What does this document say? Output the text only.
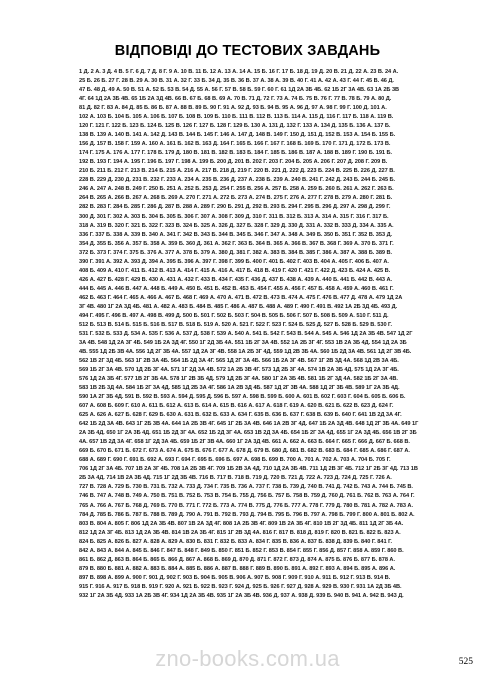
ВІДПОВІДІ ДО ТЕСТОВИХ ЗАВДАНЬ
1 Д. 2 А. 3 Д. 4 В. 5 Г. 6 Д. 7 Д. 8 Г. 9 А. 10 В. 11 Б. 12 А. 13 А. 14 А. 15 Б. 16 Г. 17 Б. 18 Д. 19 Д. 20 В. 21 Д. 22 А. 23 В. 24 А.
25 Б. 26 Б. 27 Г. 28 В. 29 А. 30 В. 31 А. 32 Г. 33 Б. 34 Д. 35 В. 36 В. 37 А. 38 А. 39 В. 40 Г. 41 А. 42 А. 43 Г. 44 Г. 45 В. 46 Д.
47 Б. 48 Д. 49 А. 50 В. 51 А. 52 Б. 53 В. 54 Д. 55 А. 56 Г. 57 В. 58 Б. 59 Г. 60 Г. 61 1Д 2А 3Б 4Б. 62 1Б 2Г 3А 4В. 63 1А 2Б 3В
4Г. 64 1Д 2А 3Б 4В. 65 1Б 2А 3Д 4В. 66 В. 67 Б. 68 В. 69 А. 70 В. 71 Д. 72 Г. 73 А. 74 Б. 75 В. 76 Г. 77 В. 78 Б. 79 А. 80 Д.
81 Д. 82 Г. 83 А. 84 Д. 85 Б. 86 Б. 87 А. 88 В. 89 Б. 90 Г. 91 А. 92 Д. 93 Б. 94 В. 95 А. 96 Д. 97 А. 98 Г. 99 Г. 100 Д. 101 А.
102 А. 103 Б. 104 Б. 105 А. 106 Б. 107 Б. 108 В. 109 Б. 110 Б. 111 В. 112 В. 113 Б. 114 А. 115 Д. 116 Г. 117 Б. 118 А. 119 В.
120 Г. 121 Г. 122 Б. 123 Б. 124 Б. 125 В. 126 Г. 127 Б. 128 Г. 129 Б. 130 А. 131 Д. 132 Г. 133 А. 134 Д. 135 Б. 136 А. 137 Б.
138 В. 139 А. 140 В. 141 А. 142 Д. 143 В. 144 Б. 145 Г. 146 А. 147 Д. 148 В. 149 Г. 150 Д. 151 Д. 152 В. 153 А. 154 Б. 155 Б.
156 Д. 157 В. 158 Г. 159 А. 160 А. 161 Б. 162 В. 163 Д. 164 Г. 165 Б. 166 Г. 167 Г. 168 Б. 169 Б. 170 Г. 171 Д. 172 Б. 173 В.
174 Г. 175 А. 176 А. 177 Г. 178 Б. 179 Д. 180 В. 181 В. 182 В. 183 Б. 184 Г. 185 Б. 186 В. 187 А. 188 В. 189 Г. 190 Б. 191 Б.
192 В. 193 Г. 194 А. 195 Г. 196 Б. 197 Г. 198 А. 199 Б. 200 Д. 201 В. 202 Г. 203 Г. 204 Б. 205 А. 206 Г. 207 Д. 208 Г. 209 В.
210 Б. 211 Б. 212 Г. 213 В. 214 Б. 215 А. 216 А. 217 В. 218 Д. 219 Г. 220 В. 221 Д. 222 Д. 223 Б. 224 В. 225 В. 226 Д. 227 В.
228 В. 229 Д. 230 Д. 231 В. 232 Г. 233 А. 234 А. 235 В. 236 Д. 237 А. 238 Б. 239 А. 240 В. 241 Г. 242 Д. 243 Б. 244 Б. 245 Б.
246 А. 247 А. 248 В. 249 Г. 250 Б. 251 А. 252 Б. 253 Д. 254 Г. 255 В. 256 А. 257 Б. 258 А. 259 Б. 260 Б. 261 А. 262 Г. 263 Б.
264 В. 265 А. 266 В. 267 А. 268 Б. 269 А. 270 Г. 271 А. 272 Б. 273 А. 274 В. 275 Г. 276 А. 277 Г. 278 В. 279 А. 280 Г. 281 Б.
282 В. 283 Г. 284 Б. 285 Г. 286 Д. 287 В. 288 А. 289 Г. 290 Б. 291 Д. 292 В. 293 Б. 294 Г. 295 В. 296 Д. 297 А. 298 Д. 299 Г.
300 Д. 301 Г. 302 А. 303 Б. 304 Б. 305 Б. 306 Г. 307 А. 308 Г. 309 Д. 310 Г. 311 В. 312 Б. 313 А. 314 А. 315 Г. 316 Г. 317 Б.
318 А. 319 В. 320 Г. 321 Б. 322 Г. 323 В. 324 Б. 325 А. 326 Д. 327 Б. 328 Г. 329 Д. 330 Д. 331 А. 332 В. 333 Д. 334 А. 335 А.
336 Г. 337 Б. 338 А. 339 В. 340 А. 341 Г. 342 В. 343 Б. 344 В. 345 Б. 346 Г. 347 А. 348 А. 349 Б. 350 Б. 351 Г. 352 В. 353 Д.
354 Д. 355 Б. 356 А. 357 Б. 358 А. 359 Б. 360 Д. 361 А. 362 Г. 363 Б. 364 В. 365 А. 366 В. 367 В. 368 Г. 369 А. 370 Б. 371 Г.
372 Б. 373 Г. 374 Г. 375 Б. 376 А. 377 А. 378 Б. 379 А. 380 Д. 381 Г. 382 А. 383 В. 384 В. 385 Г. 386 А. 387 А. 388 Б. 389 В.
390 Г. 391 А. 392 А. 393 Д. 394 А. 395 Б. 396 А. 397 Г. 398 Г. 399 Б. 400 Г. 401 Б. 402 Г. 403 В. 404 А. 405 Г. 406 Б. 407 А.
408 Б. 409 А. 410 Г. 411 Б. 412 В. 413 А. 414 Г. 415 А. 416 А. 417 Б. 418 В. 419 Г. 420 Г. 421 Г. 422 Д. 423 Б. 424 А. 425 В.
426 А. 427 Б. 428 Г. 429 В. 430 А. 431 А. 432 Г. 433 В. 434 Г. 435 Г. 436 Д. 437 Б. 438 А. 439 А. 440 Б. 441 Б. 442 В. 443 А.
444 Б. 445 А. 446 В. 447 А. 448 Б. 449 А. 450 Б. 451 Б. 452 В. 453 Б. 454 Г. 455 А. 456 Г. 457 Б. 458 А. 459 А. 460 В. 461 Г.
462 Б. 463 Г. 464 Г. 465 А. 466 А. 467 Б. 468 Г. 469 А. 470 А. 471 В. 472 В. 473 В. 474 А. 475 Г. 476 В. 477 Д. 478 А. 479 1Д 2А
3Г 4В. 480 1Г 2А 3Д 4Б. 481 А. 482 А. 483 Б. 484 В. 485 Г. 486 А. 487 Б. 488 А. 489 Г. 490 Г. 491 В. 492 1А 2Б 3Д 4Б. 493 Д.
494 Г. 495 Г. 496 В. 497 А. 498 В. 499 Д. 500 Б. 501 Г. 502 Б. 503 Г. 504 В. 505 Б. 506 Г. 507 Б. 508 Б. 509 А. 510 Г. 511 Д.
512 Б. 513 В. 514 Б. 515 Б. 516 В. 517 В. 518 Б. 519 А. 520 А. 521 Г. 522 Г. 523 Г. 524 Б. 525 Д. 527 Б. 528 Б. 529 В. 530 Г.
531 Г. 532 Б. 533 Д. 534 А. 535 Г. 536 А. 537 Д. 538 Г. 539 А. 540 А. 541 Б. 542 Г. 543 В. 544 А. 545 А. 546 1Д 2А 3Б 4В. 547 1Д 2Г
3А 4В. 548 1Д 2А 3Г 4Б. 549 1Б 2А 3Д 4Г. 550 1Г 2Д 3Б 4А. 551 1Б 2Г 3А 4В. 552 1А 2Б 3Г 4Г. 553 1В 2А 3Б 4Д. 554 1Д 2А 3Б
4В. 555 1Д 2Б 3В 4А. 556 1Д 2Г 3Б 4А. 557 1Д 2А 3Г 4В. 558 1А 2Б 3Г 4Д. 559 1Д 2В 3Б 4А. 560 1Б 2Д 3А 4В. 561 1Д 2Г 3В 4Б.
562 1В 2Г 3Д 4Б. 563 1Г 2В 3А 4Б. 564 1Б 2Д 3А 4Г. 565 1Д 2Г 3А 4Б. 566 1Б 2А 3Г 4В. 567 1Г 2В 3Д 4А. 568 1Д 2В 3А 4Б.
569 1Б 2Г 3А 4В. 570 1Д 2Б 3Г 4А. 571 1Г 2Д 3А 4В. 572 1А 2Б 3В 4Г. 573 1Д 2Б 3Г 4А. 574 1В 2А 3Б 4Д. 575 1Д 2А 3Г 4Б.
576 1Д 2А 3Б 4Г. 577 1В 2Г 3Б 4А. 578 1Г 2В 3Б 4Д. 579 1Д 2Б 3Г 4А. 580 1Г 2А 3Б 4В. 581 1Б 2Г 3Д 4А. 582 1Б 2Г 3А 4В.
583 1В 2Б 3Д 4А. 584 1Б 2Г 3А 4Д. 585 1Д 2Б 3А 4Г. 586 1А 2В 3Д 4Б. 587 1Д 2Г 3В 4А. 588 1Д 2Г 3Б 4В. 589 1Г 2А 3Б 4Д.
590 1А 2Г 3Б 4Д. 591 В. 592 В. 593 А. 594 Д. 595 Д. 596 Б. 597 А. 598 В. 599 Б. 600 А. 601 В. 602 Г. 603 Г. 604 Б. 605 Б. 606 Б.
607 А. 608 Б. 609 Г. 610 А. 611 Б. 612 А. 613 Б. 614 А. 615 В. 616 А. 617 А. 618 Г. 619 А. 620 В. 621 Б. 622 В. 623 Д. 624 Г.
625 А. 626 А. 627 Б. 628 Г. 629 Б. 630 А. 631 В. 632 Б. 633 А. 634 Г. 635 В. 636 Б. 637 Г. 638 В. 639 Б. 640 Г. 641 1В 2Д 3А 4Г.
642 1Б 2Д 3А 4В. 643 1Г 2Б 3В 4А. 644 1А 2Б 3В 4Г. 645 1Г 2Б 3А 4В. 646 1А 2В 3Г 4Д. 647 1Б 2А 3Д 4В. 648 1Д 2Г 3Б 4А. 649 1Г
2А 3Б 4Д. 650 1Г 2А 3Б 4Д. 651 1Б 2Д 3Г 4А. 652 1Б 2Д 3Г 4А. 653 1В 2Д 3А 4Б. 654 1Б 2Г 3А 4Д. 655 1Г 2А 3Д 4Б. 656 1В 2Г 3Б
4А. 657 1В 2Д 3А 4Г. 658 1Г 2Д 3А 4Б. 659 1Б 2Г 3В 4А. 660 1Г 2А 3Д 4В. 661 А. 662 А. 663 Б. 664 Г. 665 Г. 666 Д. 667 Б. 668 В.
669 Б. 670 Б. 671 Б. 672 Г. 673 А. 674 А. 675 В. 676 Г. 677 А. 678 Д. 679 В. 680 Д. 681 В. 682 В. 683 Б. 684 Г. 685 А. 686 Г. 687 А.
688 А. 689 Г. 690 Г. 691 Б. 692 А. 693 Г. 694 Г. 695 Б. 696 Б. 697 А. 698 Б. 699 В. 700 А. 701 А. 702 А. 703 А. 704 Б. 705 Г.
706 1Д 2Г 3А 4Б. 707 1В 2А 3Г 4Б. 708 1А 2Б 3В 4Г. 709 1Б 2В 3А 4Д. 710 1Д 2А 3Б 4В. 711 1Д 2В 3Г 4Б. 712 1Г 2Б 3Г 4Д. 713 1В
2Б 3А 4Д. 714 1В 2А 3Б 4Д. 715 1Г 2Д 3Б 4В. 716 В. 717 В. 718 В. 719 Д. 720 В. 721 Д. 722 А. 723 Д. 724 Д. 725 Г. 726 А.
727 В. 728 А. 729 Б. 730 В. 731 Б. 732 А. 733 Д. 734 Г. 735 В. 736 А. 737 Г. 738 Б. 739 Д. 740 В. 741 Д. 742 Б. 743 А. 744 Б. 745 В.
746 В. 747 А. 748 В. 749 А. 750 В. 751 В. 752 Б. 753 В. 754 Б. 755 Д. 756 Б. 757 Б. 758 В. 759 Д. 760 Д. 761 Б. 762 В. 763 А. 764 Г.
765 А. 766 А. 767 Б. 768 Д. 769 Б. 770 В. 771 Г. 772 Б. 773 А. 774 В. 775 Д. 776 Б. 777 А. 778 Г. 779 Д. 780 В. 781 А. 782 А. 783 А.
784 Д. 785 Б. 786 Б. 787 Б. 788 В. 789 Д. 790 А. 791 В. 792 В. 793 Д. 794 В. 795 Б. 796 В. 797 А. 798 Б. 799 Г. 800 А. 801 Б. 802 А.
803 В. 804 А. 805 Г. 806 1Д 2А 3Б 4В. 807 1В 2А 3Д 4Г. 808 1А 2Б 3В 4Г. 809 1В 2А 3Б 4Г. 810 1В 2Г 3Д 4Б. 811 1Д 2Г 3Б 4А.
812 1Д 2А 3Г 4Б. 813 1Д 2А 3Б 4В. 814 1В 2А 3Б 4Г. 815 1Г 2В 3Д 4А. 816 Г. 817 В. 818 Д. 819 Г. 820 В. 821 Б. 822 Б. 823 А.
824 Б. 825 А. 826 Б. 827 А. 828 А. 829 А. 830 Б. 831 Г. 832 Б. 833 А. 834 Г. 835 В. 836 А. 837 Б. 838 Д. 839 Б. 840 Г. 841 Г.
842 А. 843 А. 844 А. 845 Б. 846 Г. 847 Б. 848 Г. 849 Б. 850 Г. 851 Б. 852 Г. 853 В. 854 Г. 855 Г. 856 Д. 857 Г. 858 А. 859 Г. 860 В.
861 Б. 862 Д. 863 В. 864 Б. 865 Б. 866 Д. 867 А. 868 Б. 869 Д. 870 Д. 871 Г. 872 Г. 873 Д. 874 А. 875 Б. 876 Б. 877 Б. 878 А.
879 В. 880 Б. 881 А. 882 А. 883 Б. 884 А. 885 Б. 886 А. 887 В. 888 Г. 889 В. 890 Б. 891 А. 892 Г. 893 А. 894 Б. 895 А. 896 А.
897 В. 898 А. 899 А. 900 Г. 901 Д. 902 Г. 903 Б. 904 Б. 905 В. 906 А. 907 Б. 908 Г. 909 Г. 910 А. 911 Б. 912 Г. 913 В. 914 В.
915 Г. 916 А. 917 Б. 918 В. 919 Г. 920 А. 921 Б. 922 В. 923 Г. 924 Д. 925 Б. 926 Г. 927 Д. 928 А. 929 В. 930 Г. 931 1А 2Д 3Б 4В.
932 1Г 2А 3Б 4Д. 933 1А 2Б 3В 4Г. 934 1Д 2А 3Б 4В. 935 1Г 2А 3Б 4В. 936 Д. 937 А. 938 Д. 939 Б. 940 В. 941 А. 942 В. 943 Д.
zno-books.com.ua	525
